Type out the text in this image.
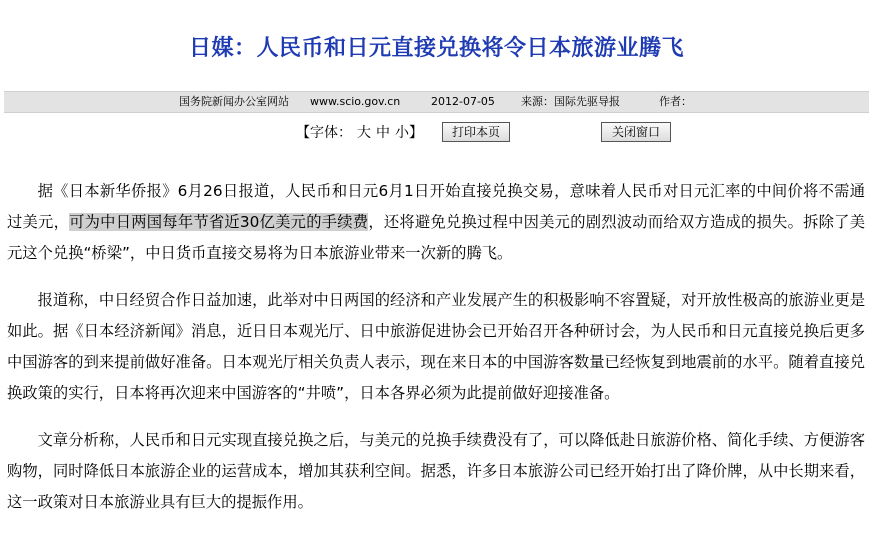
日媒：人民币和日元直接兑换将令日本旅游业腾飞
国务院新闻办公室网站 www.scio.gov.cn	2012-07-05 来源：国际先驱导报	作者：
【字体： 大 中 小】	打印本页	关闭窗口

据《日本新华侨报》6月26日报道，人民币和日元6月1日开始直接兑换交易，意味着人民币对日元汇率的中间价将不需通过美元，可为中日两国每年节省近30亿美元的手续费，还将避免兑换过程中因美元的剧烈波动而给双方造成的损失。拆除了美元这个兑换“桥梁”，中日货币直接交易将为日本旅游业带来一次新的腾飞。

报道称，中日经贸合作日益加速，此举对中日两国的经济和产业发展产生的积极影响不容置疑，对开放性极高的旅游业更是如此。据《日本经济新闻》消息，近日日本观光厅、日中旅游促进协会已开始召开各种研讨会，为人民币和日元直接兑换后更多中国游客的到来提前做好准备。日本观光厅相关负责人表示，现在来日本的中国游客数量已经恢复到地震前的水平。随着直接兑换政策的实行，日本将再次迎来中国游客的“井喷”，日本各界必须为此提前做好迎接准备。

文章分析称，人民币和日元实现直接兑换之后，与美元的兑换手续费没有了，可以降低赴日旅游价格、简化手续、方便游客购物，同时降低日本旅游企业的运营成本，增加其获利空间。据悉，许多日本旅游公司已经开始打出了降价牌，从中长期来看，这一政策对日本旅游业具有巨大的提振作用。
